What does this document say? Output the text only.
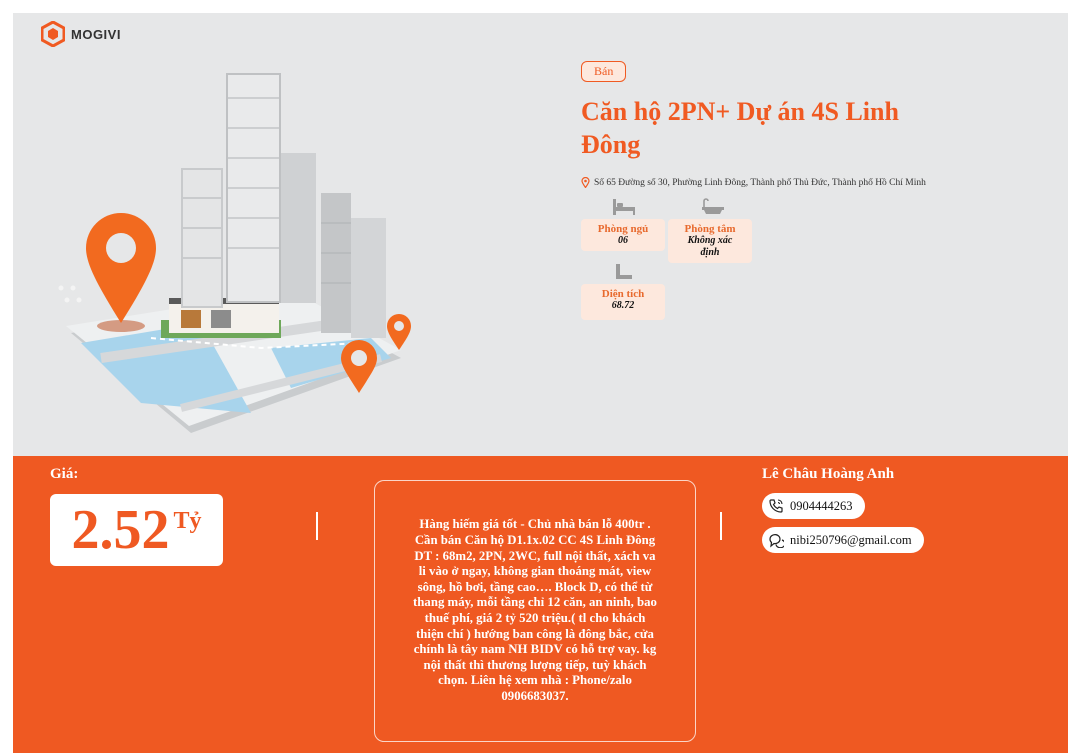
MOGIVI
Bán
Căn hộ 2PN+ Dự án 4S Linh Đông
Số 65 Đường số 30, Phường Linh Đông, Thành phố Thủ Đức, Thành phố Hồ Chí Minh
Phòng ngủ
06
Phòng tắm
Không xác định
Diện tích
68.72
Giá:
2.52 Tỷ	Hàng hiếm giá tốt - Chủ nhà bán lỗ 400tr . Cần bán Căn hộ D1.1x.02 CC 4S Linh Đông DT : 68m2, 2PN, 2WC, full nội thất, xách va li vào ở ngay, không gian thoáng mát, view sông, hồ bơi, tầng cao…. Block D, có thể từ thang máy, mỗi tầng chỉ 12 căn, an ninh, bao thuế phí, giá 2 tỷ 520 triệu.( tl cho khách thiện chí ) hướng ban công là đông bắc, cửa chính là tây nam NH BIDV có hỗ trợ vay. kg nội thất thì thương lượng tiếp, tuỳ khách chọn. Liên hệ xem nhà : Phone/zalo 0906683037.

Lê Châu Hoàng Anh
0904444263
nibi250796@gmail.com
